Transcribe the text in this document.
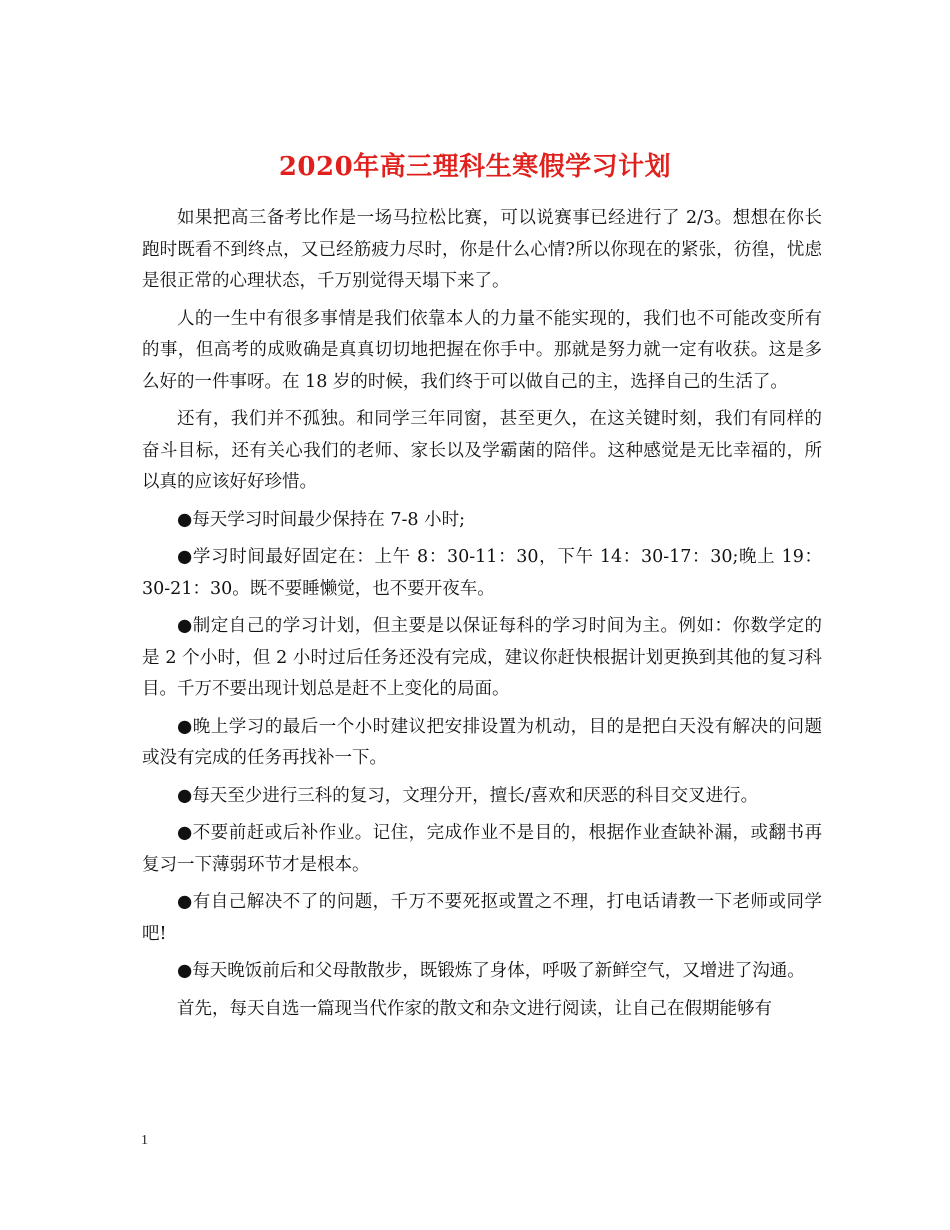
2020年高三理科生寒假学习计划

如果把高三备考比作是一场马拉松比赛，可以说赛事已经进行了 2/3。想想在你长跑时既看不到终点，又已经筋疲力尽时，你是什么心情?所以你现在的紧张，彷徨，忧虑是很正常的心理状态，千万别觉得天塌下来了。

人的一生中有很多事情是我们依靠本人的力量不能实现的，我们也不可能改变所有的事，但高考的成败确是真真切切地把握在你手中。那就是努力就一定有收获。这是多么好的一件事呀。在 18 岁的时候，我们终于可以做自己的主，选择自己的生活了。

还有，我们并不孤独。和同学三年同窗，甚至更久，在这关键时刻，我们有同样的奋斗目标，还有关心我们的老师、家长以及学霸菌的陪伴。这种感觉是无比幸福的，所以真的应该好好珍惜。

●每天学习时间最少保持在 7-8 小时;

●学习时间最好固定在：上午 8：30-11：30，下午 14：30-17：30;晚上 19：30-21：30。既不要睡懒觉，也不要开夜车。

●制定自己的学习计划，但主要是以保证每科的学习时间为主。例如：你数学定的是 2 个小时，但 2 小时过后任务还没有完成，建议你赶快根据计划更换到其他的复习科目。千万不要出现计划总是赶不上变化的局面。

●晚上学习的最后一个小时建议把安排设置为机动，目的是把白天没有解决的问题或没有完成的任务再找补一下。

●每天至少进行三科的复习，文理分开，擅长/喜欢和厌恶的科目交叉进行。

●不要前赶或后补作业。记住，完成作业不是目的，根据作业查缺补漏，或翻书再复习一下薄弱环节才是根本。

●有自己解决不了的问题，千万不要死抠或置之不理，打电话请教一下老师或同学吧!

●每天晚饭前后和父母散散步，既锻炼了身体，呼吸了新鲜空气，又增进了沟通。

首先，每天自选一篇现当代作家的散文和杂文进行阅读，让自己在假期能够有

1
